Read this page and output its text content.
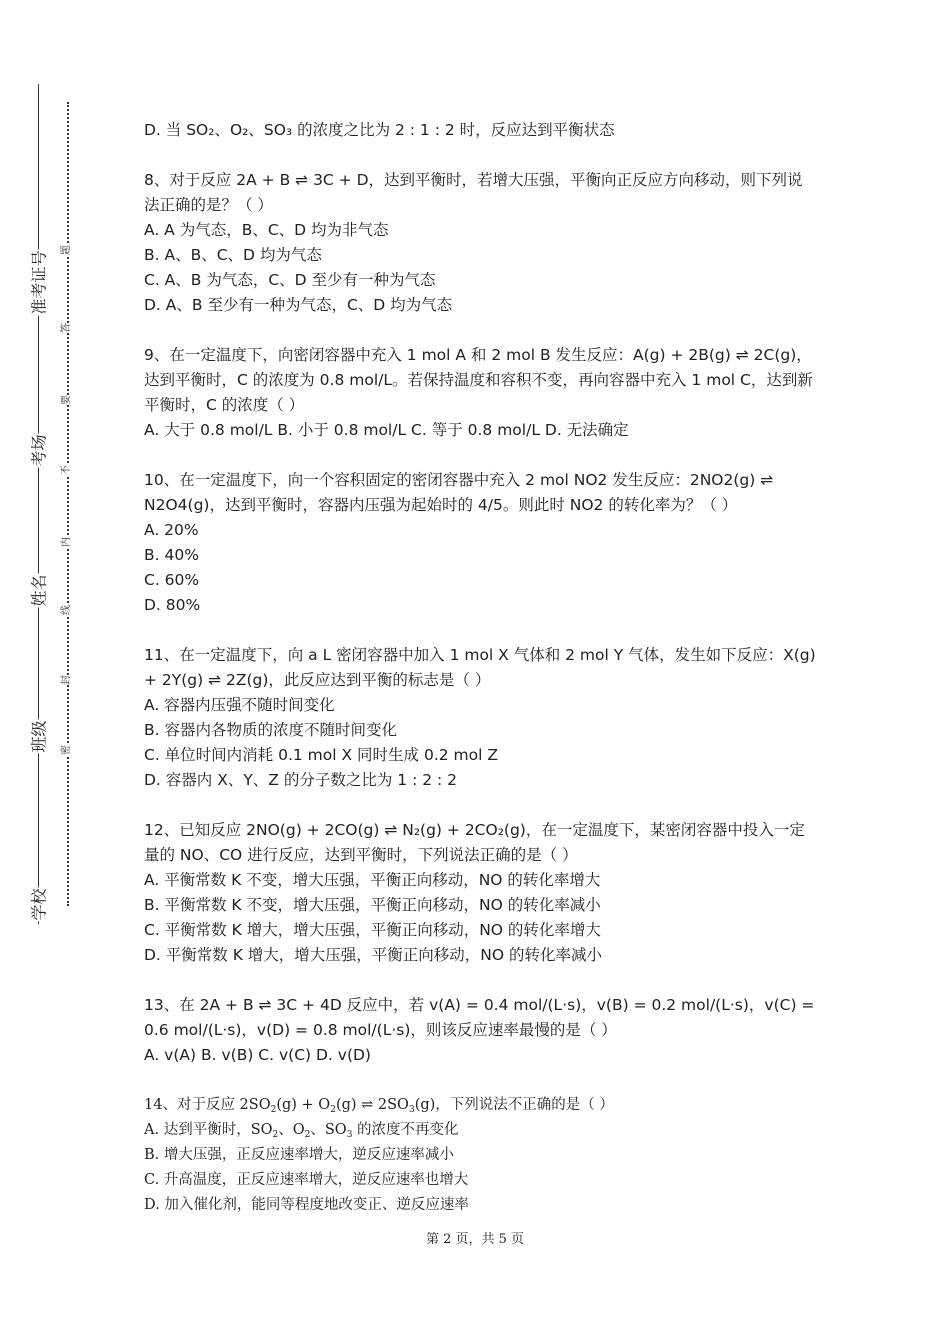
准考证号
考场
姓名
班级
学校
密
封
线
内
不
要
答
题
D. 当 SO₂、O₂、SO₃ 的浓度之比为 2 : 1 : 2 时，反应达到平衡状态
8、对于反应 2A + B ⇌ 3C + D，达到平衡时，若增大压强，平衡向正反应方向移动，则下列说法正确的是？（ ）
A. A 为气态，B、C、D 均为非气态
B. A、B、C、D 均为气态
C. A、B 为气态，C、D 至少有一种为气态
D. A、B 至少有一种为气态，C、D 均为气态
9、在一定温度下，向密闭容器中充入 1 mol A 和 2 mol B 发生反应：A(g) + 2B(g) ⇌ 2C(g)，达到平衡时，C 的浓度为 0.8 mol/L。若保持温度和容积不变，再向容器中充入 1 mol C，达到新平衡时，C 的浓度（ ）
A. 大于 0.8 mol/L B. 小于 0.8 mol/L C. 等于 0.8 mol/L D. 无法确定
10、在一定温度下，向一个容积固定的密闭容器中充入 2 mol NO2 发生反应：2NO2(g) ⇌ N2O4(g)，达到平衡时，容器内压强为起始时的 4/5。则此时 NO2 的转化率为？（ ）
A. 20%
B. 40%
C. 60%
D. 80%
11、在一定温度下，向 a L 密闭容器中加入 1 mol X 气体和 2 mol Y 气体，发生如下反应：X(g) + 2Y(g) ⇌ 2Z(g)，此反应达到平衡的标志是（ ）
A. 容器内压强不随时间变化
B. 容器内各物质的浓度不随时间变化
C. 单位时间内消耗 0.1 mol X 同时生成 0.2 mol Z
D. 容器内 X、Y、Z 的分子数之比为 1 : 2 : 2
12、已知反应 2NO(g) + 2CO(g) ⇌ N₂(g) + 2CO₂(g)，在一定温度下，某密闭容器中投入一定量的 NO、CO 进行反应，达到平衡时，下列说法正确的是（ ）
A. 平衡常数 K 不变，增大压强，平衡正向移动，NO 的转化率增大
B. 平衡常数 K 不变，增大压强，平衡正向移动，NO 的转化率减小
C. 平衡常数 K 增大，增大压强，平衡正向移动，NO 的转化率增大
D. 平衡常数 K 增大，增大压强，平衡正向移动，NO 的转化率减小
13、在 2A + B ⇌ 3C + 4D 反应中，若 v(A) = 0.4 mol/(L·s)，v(B) = 0.2 mol/(L·s)，v(C) = 0.6 mol/(L·s)，v(D) = 0.8 mol/(L·s)，则该反应速率最慢的是（ ）
A. v(A) B. v(B) C. v(C) D. v(D)
14、对于反应 $2SO_2(g) + O_2(g)$ ⇌ $2SO_3(g)$，下列说法不正确的是（ ）
A. 达到平衡时，$SO_2$、$O_2$、$SO_3$ 的浓度不再变化
B. 增大压强，正反应速率增大，逆反应速率减小
C. 升高温度，正反应速率增大，逆反应速率也增大
D. 加入催化剂，能同等程度地改变正、逆反应速率
第 2 页，共 5 页
